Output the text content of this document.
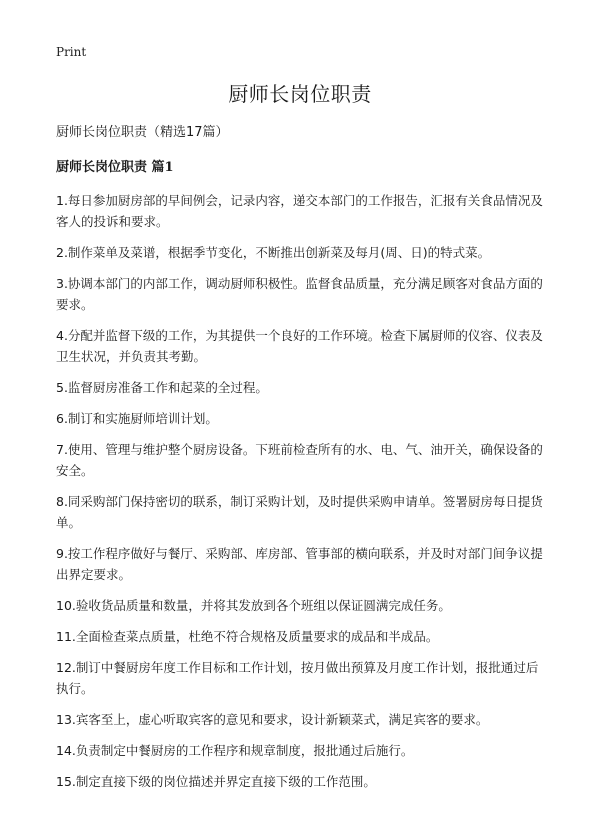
Print
厨师长岗位职责

厨师长岗位职责（精选17篇）

厨师长岗位职责 篇1
1.每日参加厨房部的早间例会，记录内容，递交本部门的工作报告，汇报有关食品情况及客人的投诉和要求。
2.制作菜单及菜谱，根据季节变化，不断推出创新菜及每月(周、日)的特式菜。
3.协调本部门的内部工作，调动厨师积极性。监督食品质量，充分满足顾客对食品方面的要求。
4.分配并监督下级的工作，为其提供一个良好的工作环境。检查下属厨师的仪容、仪表及卫生状况，并负责其考勤。
5.监督厨房准备工作和起菜的全过程。
6.制订和实施厨师培训计划。
7.使用、管理与维护整个厨房设备。下班前检查所有的水、电、气、油开关，确保设备的安全。
8.同采购部门保持密切的联系，制订采购计划，及时提供采购申请单。签署厨房每日提货单。
9.按工作程序做好与餐厅、采购部、库房部、管事部的横向联系，并及时对部门间争议提出界定要求。
10.验收货品质量和数量，并将其发放到各个班组以保证圆满完成任务。
11.全面检查菜点质量，杜绝不符合规格及质量要求的成品和半成品。
12.制订中餐厨房年度工作目标和工作计划，按月做出预算及月度工作计划，报批通过后执行。
13.宾客至上，虚心听取宾客的意见和要求，设计新颖菜式，满足宾客的要求。
14.负责制定中餐厨房的工作程序和规章制度，报批通过后施行。
15.制定直接下级的岗位描述并界定直接下级的工作范围。
